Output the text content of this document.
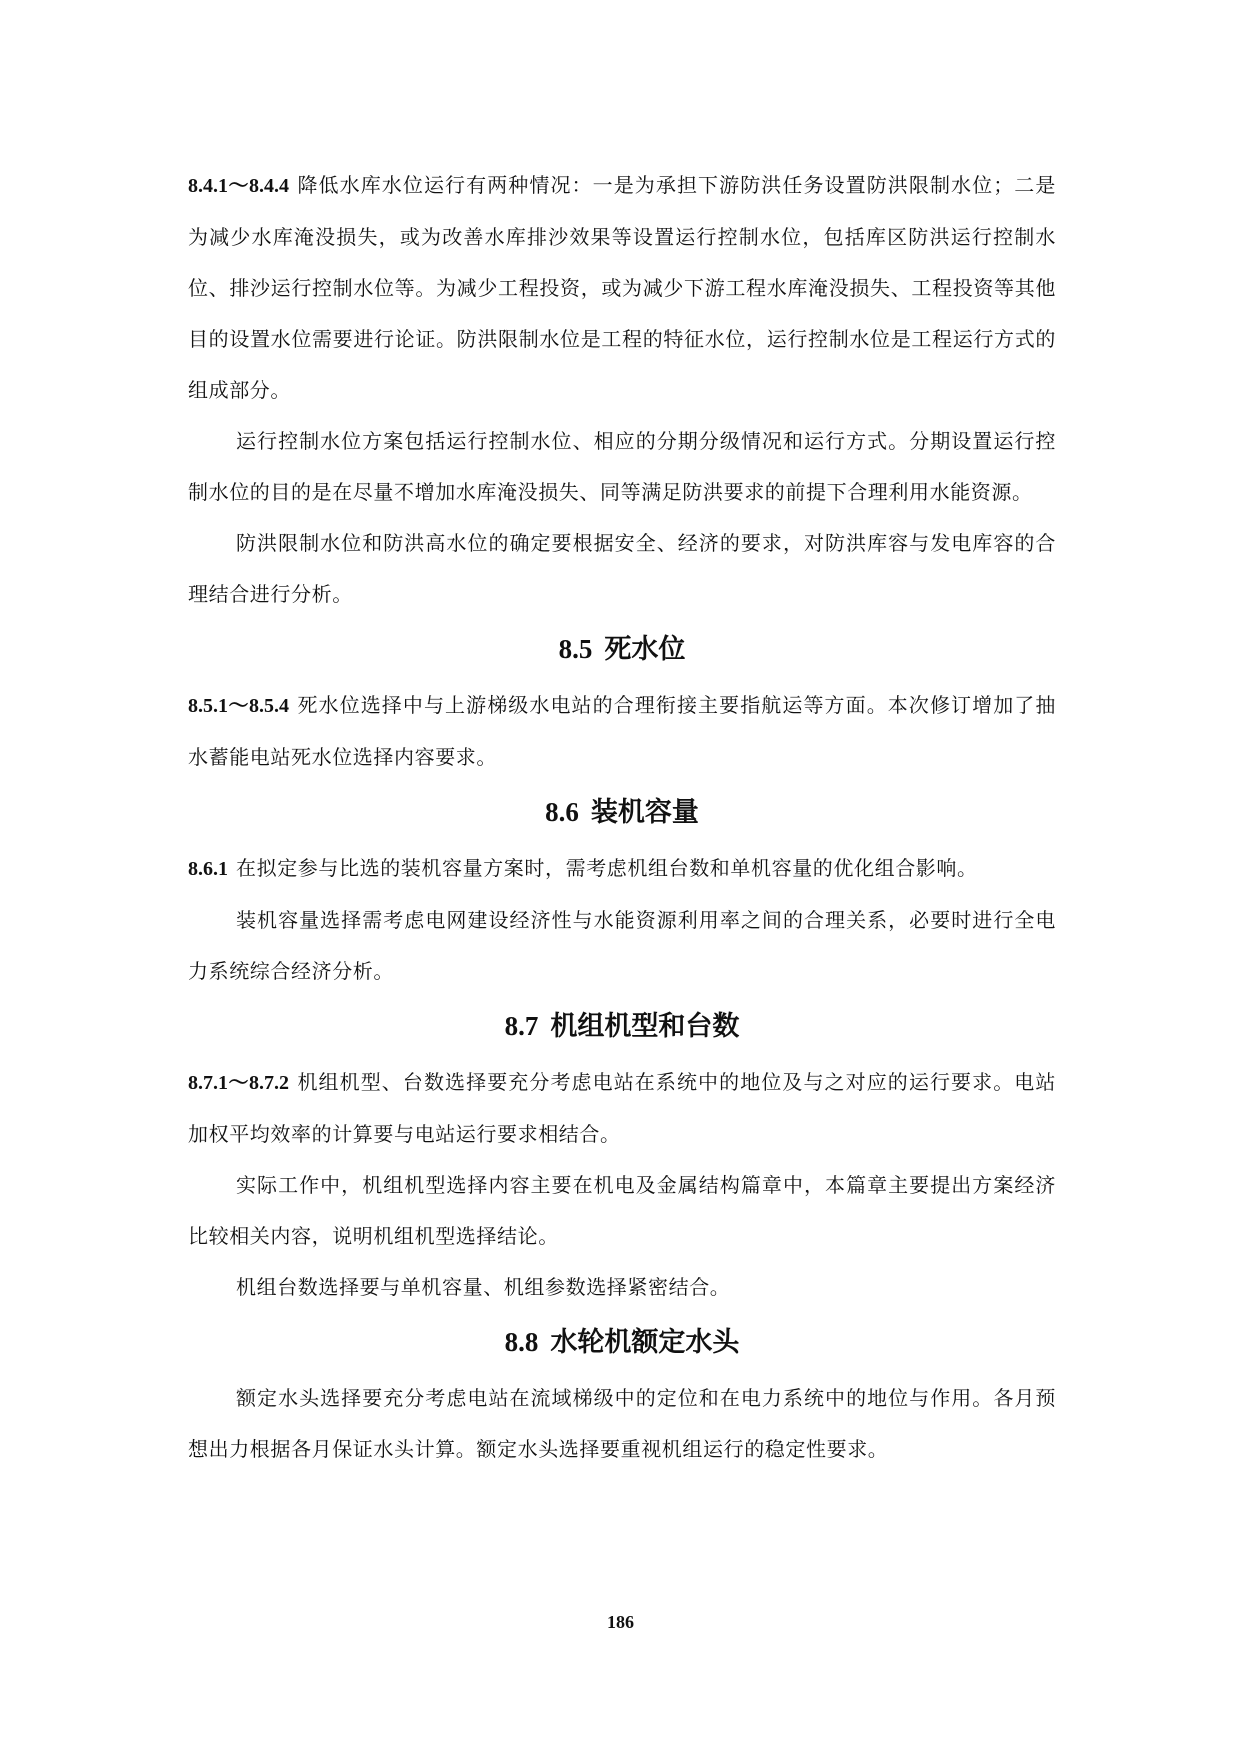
8.4.1～8.4.4 降低水库水位运行有两种情况：一是为承担下游防洪任务设置防洪限制水位；二是为减少水库淹没损失，或为改善水库排沙效果等设置运行控制水位，包括库区防洪运行控制水位、排沙运行控制水位等。为减少工程投资，或为减少下游工程水库淹没损失、工程投资等其他目的设置水位需要进行论证。防洪限制水位是工程的特征水位，运行控制水位是工程运行方式的组成部分。

运行控制水位方案包括运行控制水位、相应的分期分级情况和运行方式。分期设置运行控制水位的目的是在尽量不增加水库淹没损失、同等满足防洪要求的前提下合理利用水能资源。

防洪限制水位和防洪高水位的确定要根据安全、经济的要求，对防洪库容与发电库容的合理结合进行分析。

8.5 死水位

8.5.1～8.5.4 死水位选择中与上游梯级水电站的合理衔接主要指航运等方面。本次修订增加了抽水蓄能电站死水位选择内容要求。

8.6 装机容量

8.6.1 在拟定参与比选的装机容量方案时，需考虑机组台数和单机容量的优化组合影响。

装机容量选择需考虑电网建设经济性与水能资源利用率之间的合理关系，必要时进行全电力系统综合经济分析。

8.7 机组机型和台数

8.7.1～8.7.2 机组机型、台数选择要充分考虑电站在系统中的地位及与之对应的运行要求。电站加权平均效率的计算要与电站运行要求相结合。

实际工作中，机组机型选择内容主要在机电及金属结构篇章中，本篇章主要提出方案经济比较相关内容，说明机组机型选择结论。

机组台数选择要与单机容量、机组参数选择紧密结合。

8.8 水轮机额定水头

额定水头选择要充分考虑电站在流域梯级中的定位和在电力系统中的地位与作用。各月预想出力根据各月保证水头计算。额定水头选择要重视机组运行的稳定性要求。

186
